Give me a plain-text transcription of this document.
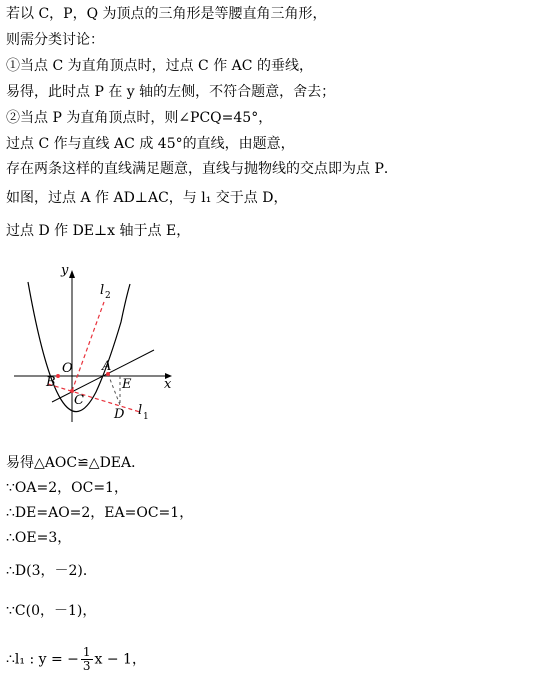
若以 C，P，Q 为顶点的三角形是等腰直角三角形，
则需分类讨论：
①当点 C 为直角顶点时，过点 C 作 AC 的垂线，
易得，此时点 P 在 y 轴的左侧，不符合题意，舍去；
②当点 P 为直角顶点时，则∠PCQ=45°，
过点 C 作与直线 AC 成 45°的直线，由题意，
存在两条这样的直线满足题意，直线与抛物线的交点即为点 P．
如图，过点 A 作 AD⊥AC，与 l₁ 交于点 D，
过点 D 作 DE⊥x 轴于点 E，
y
x
l 2
l 1
O A
B
C
D
E
易得△AOC≌△DEA．
∵OA=2，OC=1，
∴DE=AO=2，EA=OC=1，
∴OE=3，
∴D(3，－2)．
∵C(0，－1)，
∴l₁ : y = − $\frac{1}{3}$ x − 1，
